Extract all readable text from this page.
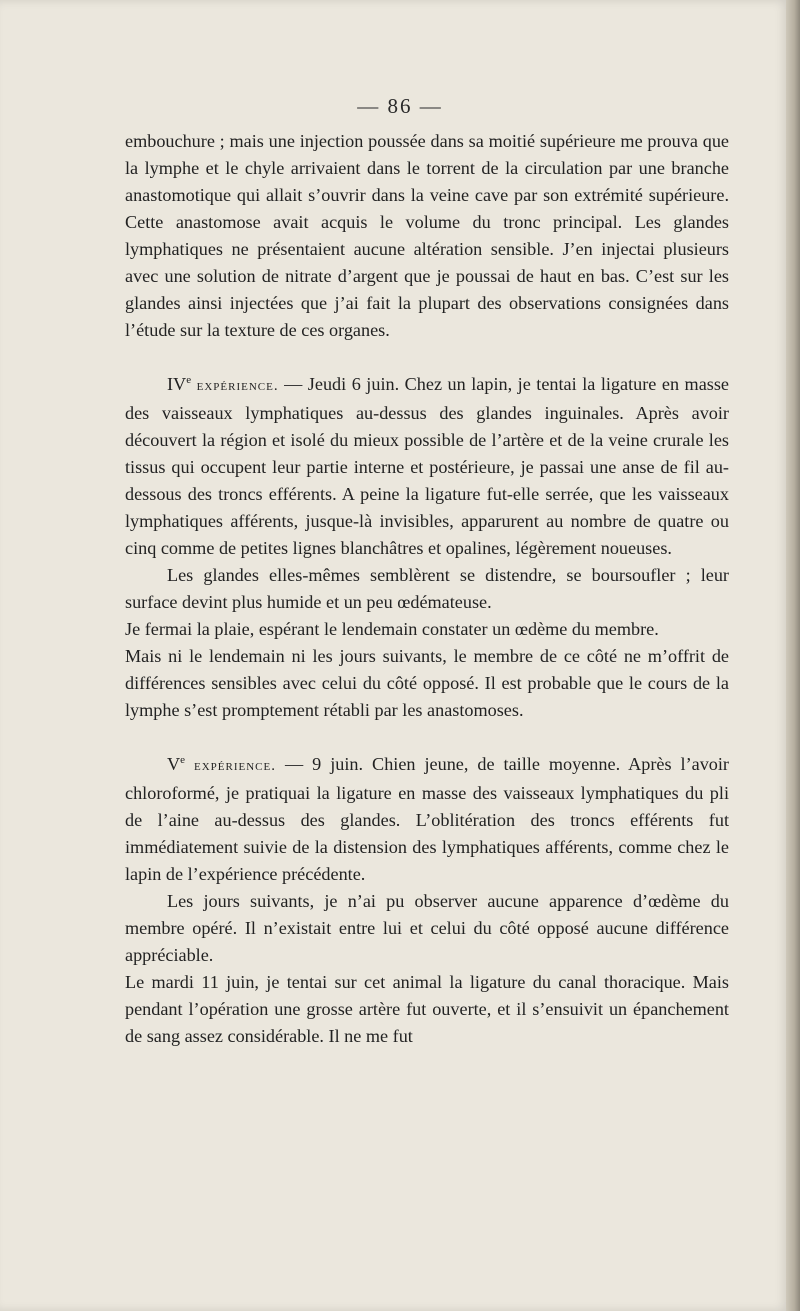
— 86 —

embouchure ; mais une injection poussée dans sa moitié supérieure me prouva que la lymphe et le chyle arrivaient dans le torrent de la circulation par une branche anastomotique qui allait s’ouvrir dans la veine cave par son extrémité supérieure. Cette anastomose avait acquis le volume du tronc principal. Les glandes lymphatiques ne présentaient aucune altération sensible. J’en injectai plusieurs avec une solution de nitrate d’argent que je poussai de haut en bas. C’est sur les glandes ainsi injectées que j’ai fait la plupart des observations consignées dans l’étude sur la texture de ces organes.

IVe expérience. — Jeudi 6 juin. Chez un lapin, je tentai la ligature en masse des vaisseaux lymphatiques au-dessus des glandes inguinales. Après avoir découvert la région et isolé du mieux possible de l’artère et de la veine crurale les tissus qui occupent leur partie interne et postérieure, je passai une anse de fil au-dessous des troncs efférents. A peine la ligature fut-elle serrée, que les vaisseaux lymphatiques afférents, jusque-là invisibles, apparurent au nombre de quatre ou cinq comme de petites lignes blanchâtres et opalines, légèrement noueuses.

Les glandes elles-mêmes semblèrent se distendre, se boursoufler ; leur surface devint plus humide et un peu œdémateuse.

Je fermai la plaie, espérant le lendemain constater un œdème du membre.

Mais ni le lendemain ni les jours suivants, le membre de ce côté ne m’offrit de différences sensibles avec celui du côté opposé. Il est probable que le cours de la lymphe s’est promptement rétabli par les anastomoses.

Ve expérience. — 9 juin. Chien jeune, de taille moyenne. Après l’avoir chloroformé, je pratiquai la ligature en masse des vaisseaux lymphatiques du pli de l’aine au-dessus des glandes. L’oblitération des troncs efférents fut immédiatement suivie de la distension des lymphatiques afférents, comme chez le lapin de l’expérience précédente.

Les jours suivants, je n’ai pu observer aucune apparence d’œdème du membre opéré. Il n’existait entre lui et celui du côté opposé aucune différence appréciable.

Le mardi 11 juin, je tentai sur cet animal la ligature du canal thoracique. Mais pendant l’opération une grosse artère fut ouverte, et il s’ensuivit un épanchement de sang assez considérable. Il ne me fut
